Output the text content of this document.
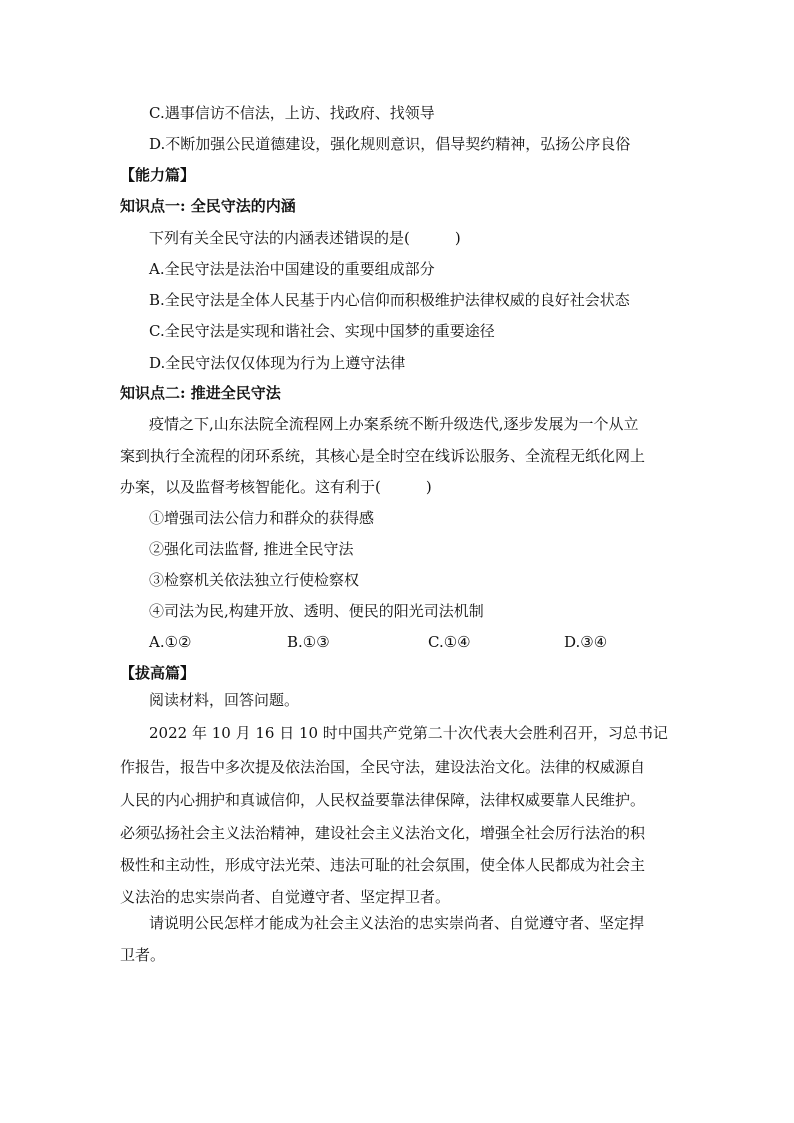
C.遇事信访不信法，上访、找政府、找领导
D.不断加强公民道德建设，强化规则意识，倡导契约精神，弘扬公序良俗
【能力篇】
知识点一: 全民守法的内涵
下列有关全民守法的内涵表述错误的是(　　　)
A.全民守法是法治中国建设的重要组成部分
B.全民守法是全体人民基于内心信仰而积极维护法律权威的良好社会状态
C.全民守法是实现和谐社会、实现中国梦的重要途径
D.全民守法仅仅体现为行为上遵守法律
知识点二: 推进全民守法
疫情之下,山东法院全流程网上办案系统不断升级迭代,逐步发展为一个从立
案到执行全流程的闭环系统，其核心是全时空在线诉讼服务、全流程无纸化网上
办案，以及监督考核智能化。这有利于(　　　)
①增强司法公信力和群众的获得感
②强化司法监督, 推进全民守法
③检察机关依法独立行使检察权
④司法为民,构建开放、透明、便民的阳光司法机制
A.①②	B.①③	C.①④	D.③④
【拔高篇】
阅读材料，回答问题。
2022 年 10 月 16 日 10 时中国共产党第二十次代表大会胜利召开，习总书记
作报告，报告中多次提及依法治国，全民守法，建设法治文化。法律的权威源自
人民的内心拥护和真诚信仰，人民权益要靠法律保障，法律权威要靠人民维护。
必须弘扬社会主义法治精神，建设社会主义法治文化，增强全社会厉行法治的积
极性和主动性，形成守法光荣、违法可耻的社会氛围，使全体人民都成为社会主
义法治的忠实崇尚者、自觉遵守者、坚定捍卫者。
请说明公民怎样才能成为社会主义法治的忠实崇尚者、自觉遵守者、坚定捍
卫者。
